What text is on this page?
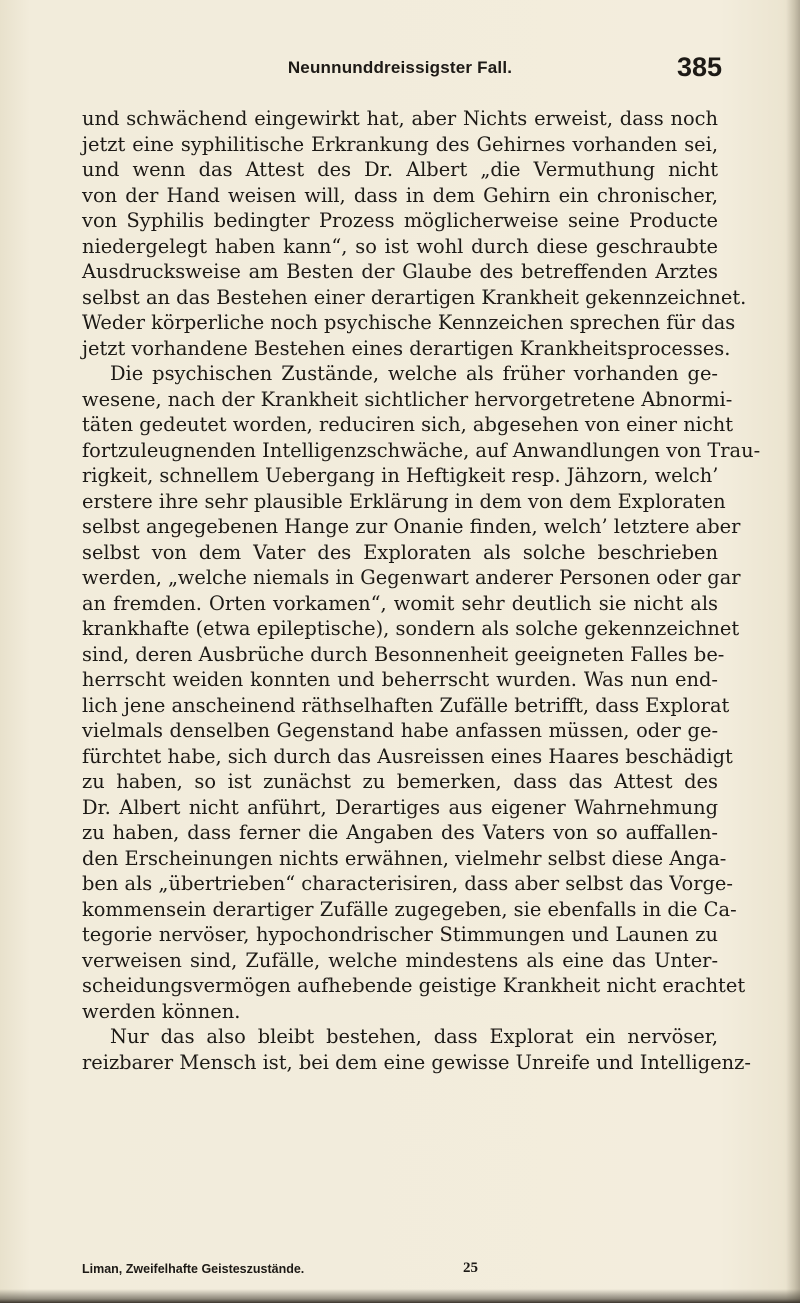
Neunnunddreissigster Fall.	385
und schwächend eingewirkt hat, aber Nichts erweist, dass noch
jetzt eine syphilitische Erkrankung des Gehirnes vorhanden sei,
und wenn das Attest des Dr. Albert „die Vermuthung nicht
von der Hand weisen will, dass in dem Gehirn ein chronischer,
von Syphilis bedingter Prozess möglicherweise seine Producte
niedergelegt haben kann“, so ist wohl durch diese geschraubte
Ausdrucksweise am Besten der Glaube des betreffenden Arztes
selbst an das Bestehen einer derartigen Krankheit gekennzeichnet.
Weder körperliche noch psychische Kennzeichen sprechen für das
jetzt vorhandene Bestehen eines derartigen Krankheitsprocesses.
Die psychischen Zustände, welche als früher vorhanden ge-
wesene, nach der Krankheit sichtlicher hervorgetretene Abnormi-
täten gedeutet worden, reduciren sich, abgesehen von einer nicht
fortzuleugnenden Intelligenzschwäche, auf Anwandlungen von Trau-
rigkeit, schnellem Uebergang in Heftigkeit resp. Jähzorn, welch’
erstere ihre sehr plausible Erklärung in dem von dem Exploraten
selbst angegebenen Hange zur Onanie finden, welch’ letztere aber
selbst von dem Vater des Exploraten als solche beschrieben
werden, „welche niemals in Gegenwart anderer Personen oder gar
an fremden. Orten vorkamen“, womit sehr deutlich sie nicht als
krankhafte (etwa epileptische), sondern als solche gekennzeichnet
sind, deren Ausbrüche durch Besonnenheit geeigneten Falles be-
herrscht weiden konnten und beherrscht wurden. Was nun end-
lich jene anscheinend räthselhaften Zufälle betrifft, dass Explorat
vielmals denselben Gegenstand habe anfassen müssen, oder ge-
fürchtet habe, sich durch das Ausreissen eines Haares beschädigt
zu haben, so ist zunächst zu bemerken, dass das Attest des
Dr. Albert nicht anführt, Derartiges aus eigener Wahrnehmung
zu haben, dass ferner die Angaben des Vaters von so auffallen-
den Erscheinungen nichts erwähnen, vielmehr selbst diese Anga-
ben als „übertrieben“ characterisiren, dass aber selbst das Vorge-
kommensein derartiger Zufälle zugegeben, sie ebenfalls in die Ca-
tegorie nervöser, hypochondrischer Stimmungen und Launen zu
verweisen sind, Zufälle, welche mindestens als eine das Unter-
scheidungsvermögen aufhebende geistige Krankheit nicht erachtet
werden können.
Nur das also bleibt bestehen, dass Explorat ein nervöser,
reizbarer Mensch ist, bei dem eine gewisse Unreife und Intelligenz-
Liman, Zweifelhafte Geisteszustände.	25
